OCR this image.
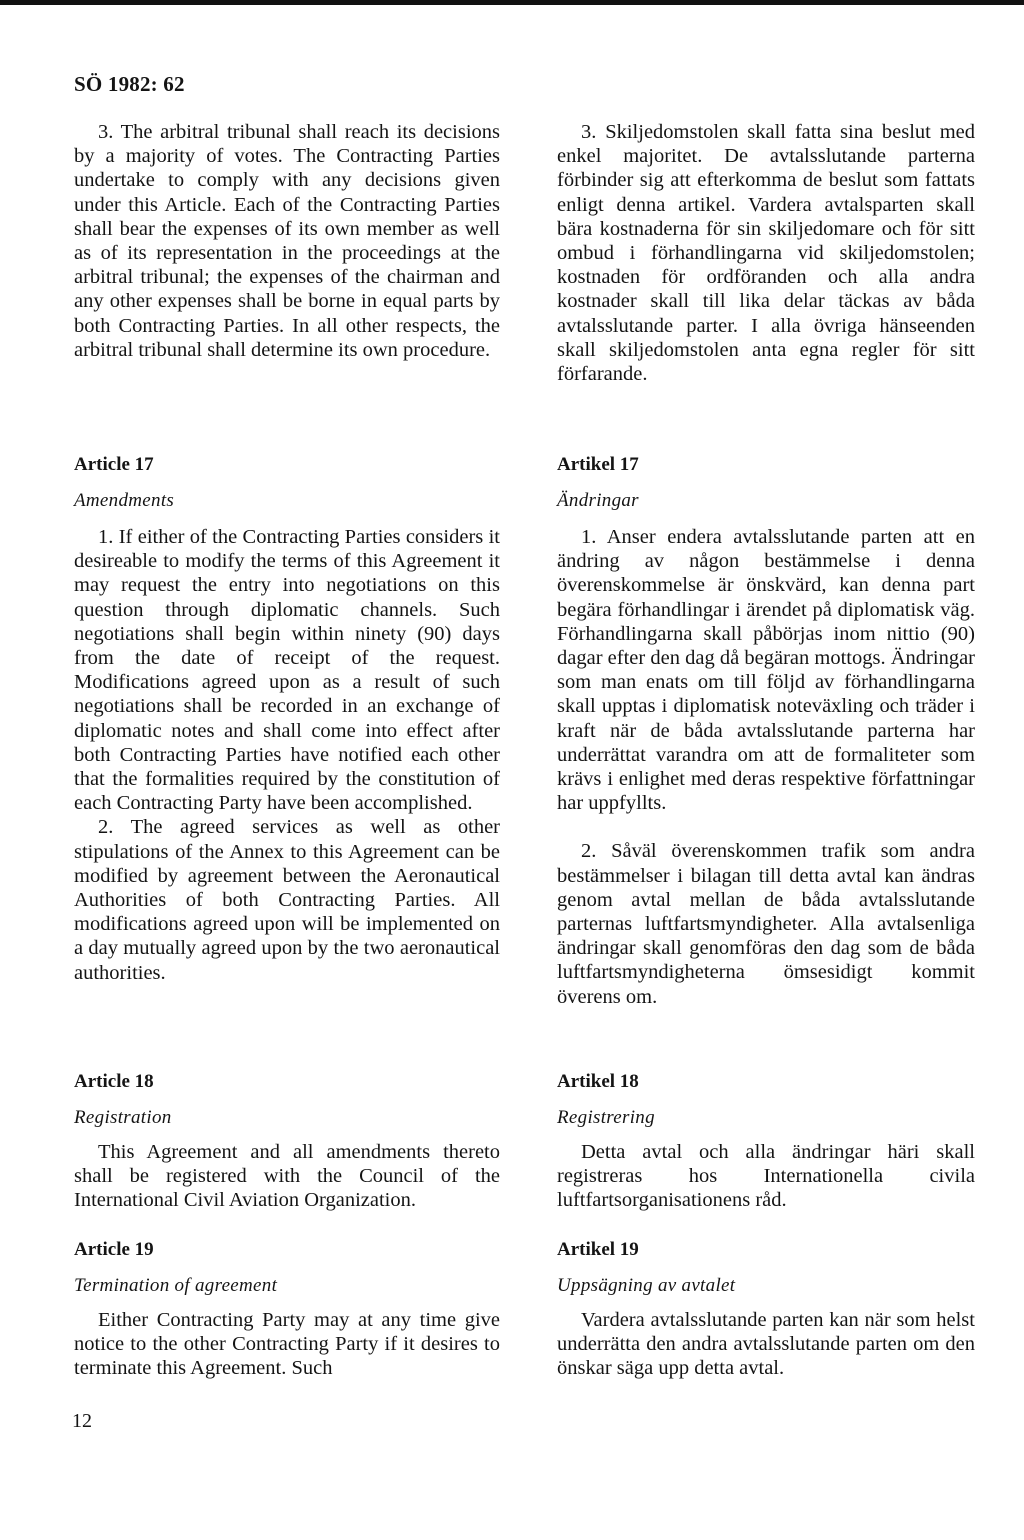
SÖ 1982: 62

3. The arbitral tribunal shall reach its decisions by a majority of votes. The Contracting Parties undertake to comply with any decisions given under this Article. Each of the Contracting Parties shall bear the expenses of its own member as well as of its representation in the proceedings at the arbitral tribunal; the expenses of the chairman and any other expenses shall be borne in equal parts by both Contracting Parties. In all other respects, the arbitral tribunal shall determine its own procedure.

Article 17

Amendments

1. If either of the Contracting Parties considers it desireable to modify the terms of this Agreement it may request the entry into negotiations on this question through diplomatic channels. Such negotiations shall begin within ninety (90) days from the date of receipt of the request. Modifications agreed upon as a result of such negotiations shall be recorded in an exchange of diplomatic notes and shall come into effect after both Contracting Parties have notified each other that the formalities required by the constitution of each Contracting Party have been accomplished.

2. The agreed services as well as other stipulations of the Annex to this Agreement can be modified by agreement between the Aeronautical Authorities of both Contracting Parties. All modifications agreed upon will be implemented on a day mutually agreed upon by the two aeronautical authorities.

Article 18

Registration

This Agreement and all amendments thereto shall be registered with the Council of the International Civil Aviation Organization.

Article 19

Termination of agreement

Either Contracting Party may at any time give notice to the other Contracting Party if it desires to terminate this Agreement. Such

3. Skiljedomstolen skall fatta sina beslut med enkel majoritet. De avtalsslutande parterna förbinder sig att efterkomma de beslut som fattats enligt denna artikel. Vardera avtalsparten skall bära kostnaderna för sin skiljedomare och för sitt ombud i förhandlingarna vid skiljedomstolen; kostnaden för ordföranden och alla andra kostnader skall till lika delar täckas av båda avtalsslutande parter. I alla övriga hänseenden skall skiljedomstolen anta egna regler för sitt förfarande.

Artikel 17

Ändringar

1. Anser endera avtalsslutande parten att en ändring av någon bestämmelse i denna överenskommelse är önskvärd, kan denna part begära förhandlingar i ärendet på diplomatisk väg. Förhandlingarna skall påbörjas inom nittio (90) dagar efter den dag då begäran mottogs. Ändringar som man enats om till följd av förhandlingarna skall upptas i diplomatisk noteväxling och träder i kraft när de båda avtalsslutande parterna har underrättat varandra om att de formaliteter som krävs i enlighet med deras respektive författningar har uppfyllts.

2. Såväl överenskommen trafik som andra bestämmelser i bilagan till detta avtal kan ändras genom avtal mellan de båda avtalsslutande parternas luftfartsmyndigheter. Alla avtalsenliga ändringar skall genomföras den dag som de båda luftfartsmyndigheterna ömsesidigt kommit överens om.

Artikel 18

Registrering

Detta avtal och alla ändringar häri skall registreras hos Internationella civila luftfartsorganisationens råd.

Artikel 19

Uppsägning av avtalet

Vardera avtalsslutande parten kan när som helst underrätta den andra avtalsslutande parten om den önskar säga upp detta avtal.

12
